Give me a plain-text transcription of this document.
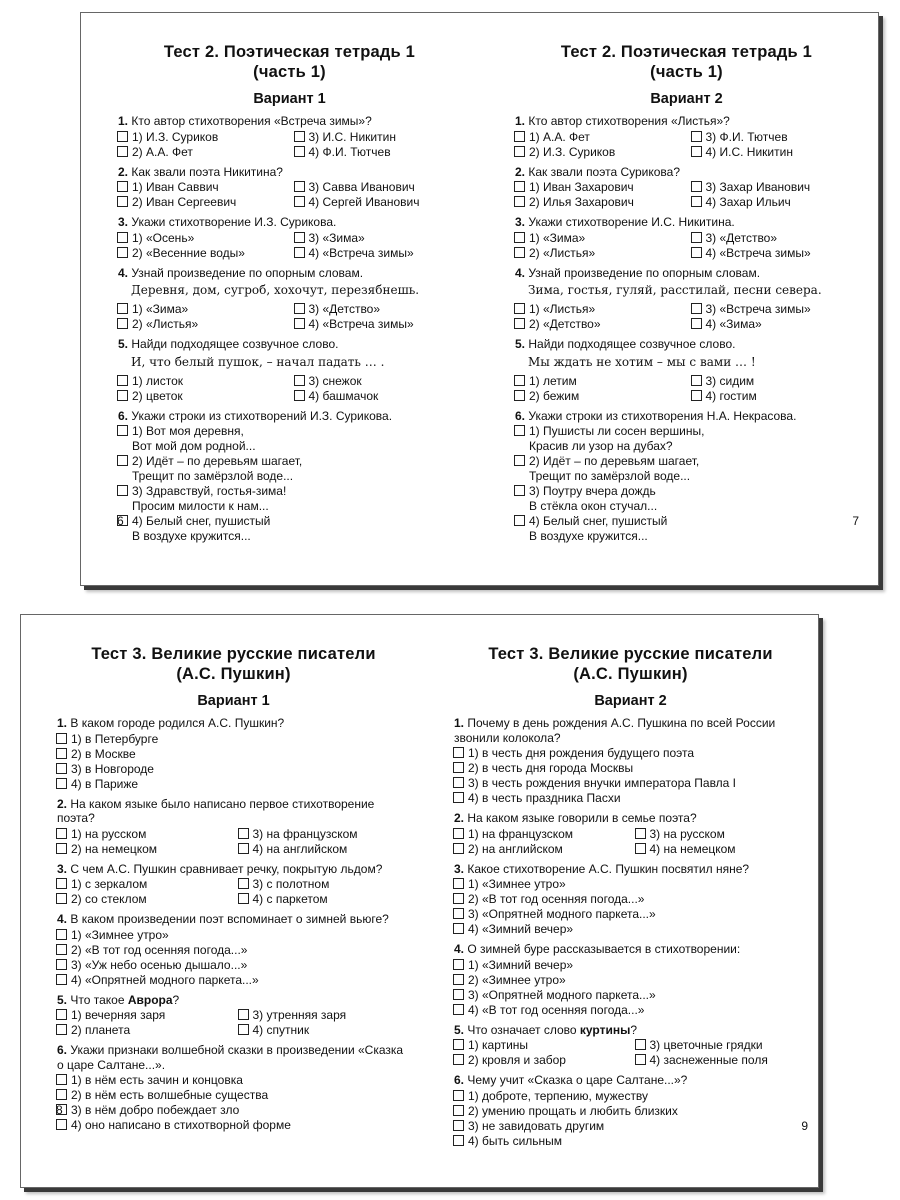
Тест 2. Поэтическая тетрадь 1
(часть 1)
Вариант 1
1. Кто автор стихотворения «Встреча зимы»?
1) И.З. Суриков	3) И.С. Никитин
2) А.А. Фет	4) Ф.И. Тютчев
2. Как звали поэта Никитина?
1) Иван Саввич	3) Савва Иванович
2) Иван Сергеевич	4) Сергей Иванович
3. Укажи стихотворение И.З. Сурикова.
1) «Осень»	3) «Зима»
2) «Весенние воды»	4) «Встреча зимы»
4. Узнай произведение по опорным словам.
Деревня, дом, сугроб, хохочут, перезябнешь.
1) «Зима»	3) «Детство»
2) «Листья»	4) «Встреча зимы»
5. Найди подходящее созвучное слово.
И, что белый пушок, – начал падать … .
1) листок	3) снежок
2) цветок	4) башмачок
6. Укажи строки из стихотворений И.З. Сурикова.
1) Вот моя деревня,
Вот мой дом родной...
2) Идёт – по деревьям шагает,
Трещит по замёрзлой воде...
3) Здравствуй, гостья-зима!
Просим милости к нам...
4) Белый снег, пушистый
В воздухе кружится...
6
Тест 2. Поэтическая тетрадь 1
(часть 1)
Вариант 2
1. Кто автор стихотворения «Листья»?
1) А.А. Фет	3) Ф.И. Тютчев
2) И.З. Суриков	4) И.С. Никитин
2. Как звали поэта Сурикова?
1) Иван Захарович	3) Захар Иванович
2) Илья Захарович	4) Захар Ильич
3. Укажи стихотворение И.С. Никитина.
1) «Зима»	3) «Детство»
2) «Листья»	4) «Встреча зимы»
4. Узнай произведение по опорным словам.
Зима, гостья, гуляй, расстилай, песни севера.
1) «Листья»	3) «Встреча зимы»
2) «Детство»	4) «Зима»
5. Найди подходящее созвучное слово.
Мы ждать не хотим – мы с вами … !
1) летим	3) сидим
2) бежим	4) гостим
6. Укажи строки из стихотворения Н.А. Некрасова.
1) Пушисты ли сосен вершины,
Красив ли узор на дубах?
2) Идёт – по деревьям шагает,
Трещит по замёрзлой воде...
3) Поутру вчера дождь
В стёкла окон стучал...
4) Белый снег, пушистый
В воздухе кружится...
7
Тест 3. Великие русские писатели
(А.С. Пушкин)
Вариант 1
1. В каком городе родился А.С. Пушкин?
1) в Петербурге
2) в Москве
3) в Новгороде
4) в Париже
2. На каком языке было написано первое стихотворение поэта?
1) на русском	3) на французском
2) на немецком	4) на английском
3. С чем А.С. Пушкин сравнивает речку, покрытую льдом?
1) с зеркалом	3) с полотном
2) со стеклом	4) с паркетом
4. В каком произведении поэт вспоминает о зимней вьюге?
1) «Зимнее утро»
2) «В тот год осенняя погода...»
3) «Уж небо осенью дышало...»
4) «Опрятней модного паркета...»
5. Что такое Аврора?
1) вечерняя заря	3) утренняя заря
2) планета	4) спутник
6. Укажи признаки волшебной сказки в произведении «Сказка о царе Салтане...».
1) в нём есть зачин и концовка
2) в нём есть волшебные существа
3) в нём добро побеждает зло
4) оно написано в стихотворной форме
8
Тест 3. Великие русские писатели
(А.С. Пушкин)
Вариант 2
1. Почему в день рождения А.С. Пушкина по всей России звонили колокола?
1) в честь дня рождения будущего поэта
2) в честь дня города Москвы
3) в честь рождения внучки императора Павла I
4) в честь праздника Пасхи
2. На каком языке говорили в семье поэта?
1) на французском	3) на русском
2) на английском	4) на немецком
3. Какое стихотворение А.С. Пушкин посвятил няне?
1) «Зимнее утро»
2) «В тот год осенняя погода...»
3) «Опрятней модного паркета...»
4) «Зимний вечер»
4. О зимней буре рассказывается в стихотворении:
1) «Зимний вечер»
2) «Зимнее утро»
3) «Опрятней модного паркета...»
4) «В тот год осенняя погода...»
5. Что означает слово куртины?
1) картины	3) цветочные грядки
2) кровля и забор	4) заснеженные поля
6. Чему учит «Сказка о царе Салтане...»?
1) доброте, терпению, мужеству
2) умению прощать и любить близких
3) не завидовать другим
4) быть сильным
9
